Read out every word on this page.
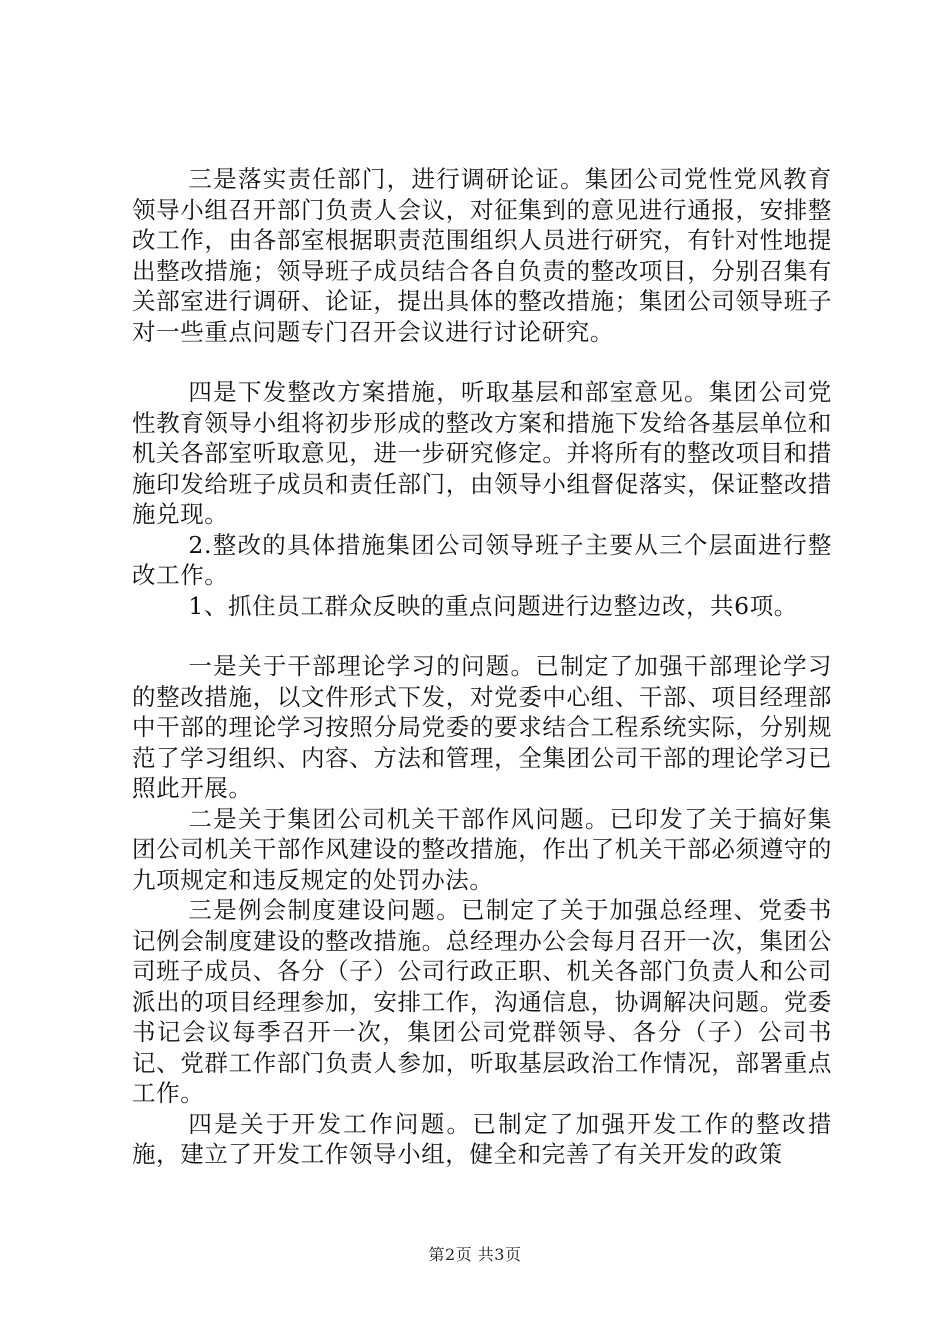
三是落实责任部门，进行调研论证。集团公司党性党风教育领导小组召开部门负责人会议，对征集到的意见进行通报，安排整改工作，由各部室根据职责范围组织人员进行研究，有针对性地提出整改措施；领导班子成员结合各自负责的整改项目，分别召集有关部室进行调研、论证，提出具体的整改措施；集团公司领导班子对一些重点问题专门召开会议进行讨论研究。

四是下发整改方案措施，听取基层和部室意见。集团公司党性教育领导小组将初步形成的整改方案和措施下发给各基层单位和机关各部室听取意见，进一步研究修定。并将所有的整改项目和措施印发给班子成员和责任部门，由领导小组督促落实，保证整改措施兑现。

2.整改的具体措施集团公司领导班子主要从三个层面进行整改工作。

1、抓住员工群众反映的重点问题进行边整边改，共6项。

一是关于干部理论学习的问题。已制定了加强干部理论学习的整改措施，以文件形式下发，对党委中心组、干部、项目经理部中干部的理论学习按照分局党委的要求结合工程系统实际，分别规范了学习组织、内容、方法和管理，全集团公司干部的理论学习已照此开展。

二是关于集团公司机关干部作风问题。已印发了关于搞好集团公司机关干部作风建设的整改措施，作出了机关干部必须遵守的九项规定和违反规定的处罚办法。

三是例会制度建设问题。已制定了关于加强总经理、党委书记例会制度建设的整改措施。总经理办公会每月召开一次，集团公司班子成员、各分（子）公司行政正职、机关各部门负责人和公司派出的项目经理参加，安排工作，沟通信息，协调解决问题。党委书记会议每季召开一次，集团公司党群领导、各分（子）公司书记、党群工作部门负责人参加，听取基层政治工作情况，部署重点工作。

四是关于开发工作问题。已制定了加强开发工作的整改措施，建立了开发工作领导小组，健全和完善了有关开发的政策

第2页 共3页
